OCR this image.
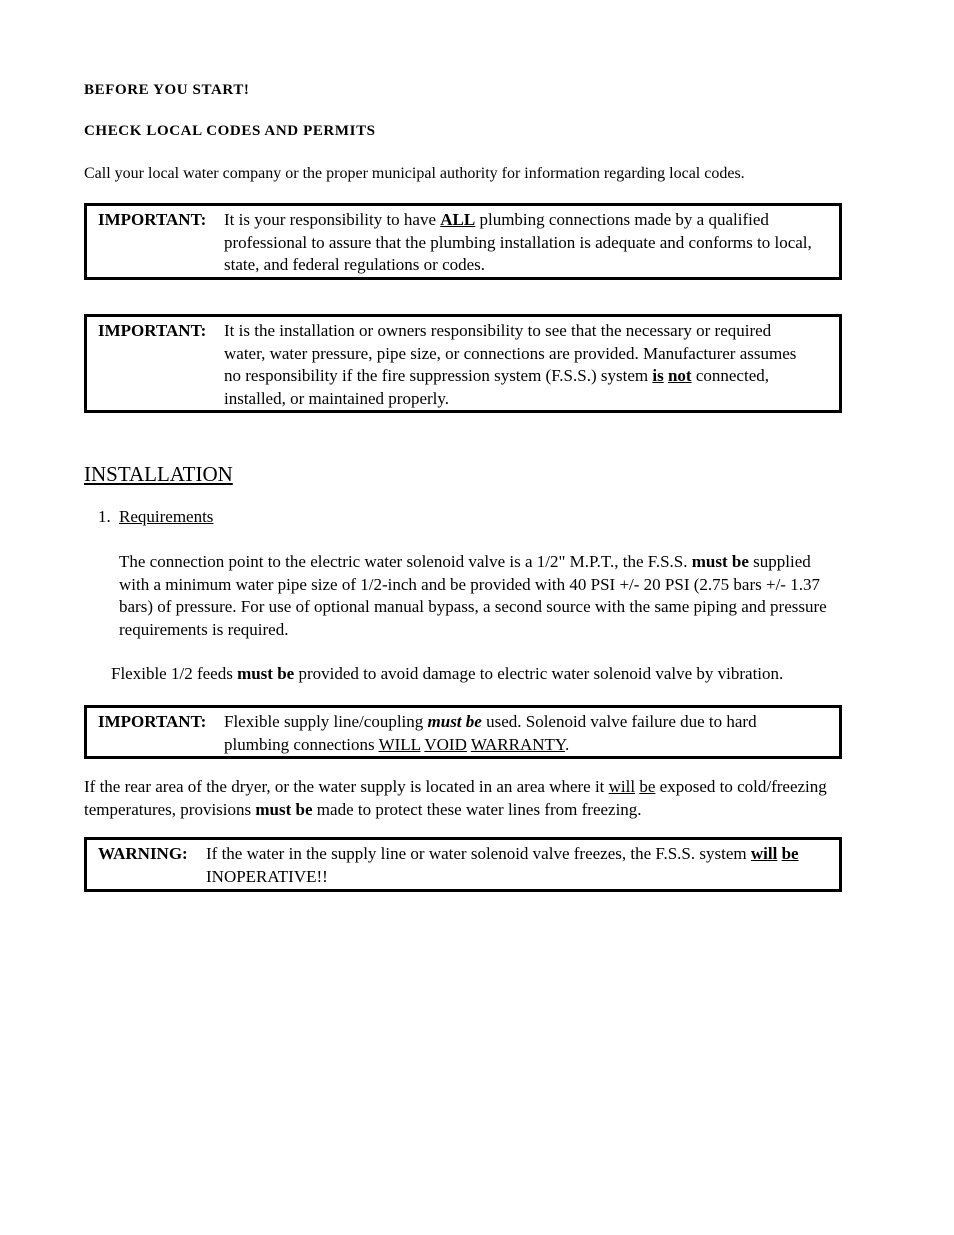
BEFORE YOU START!
CHECK LOCAL CODES AND PERMITS
Call your local water company or the proper municipal authority for information regarding local codes.
IMPORTANT: It is your responsibility to have ALL plumbing connections made by a qualified
professional to assure that the plumbing installation is adequate and conforms to local,
state, and federal regulations or codes.
IMPORTANT: It is the installation or owners responsibility to see that the necessary or required
water, water pressure, pipe size, or connections are provided. Manufacturer assumes
no responsibility if the fire suppression system (F.S.S.) system is not connected,
installed, or maintained properly.
INSTALLATION
1. Requirements
The connection point to the electric water solenoid valve is a 1/2" M.P.T., the F.S.S. must be supplied
with a minimum water pipe size of 1/2-inch and be provided with 40 PSI +/- 20 PSI (2.75 bars +/- 1.37
bars) of pressure. For use of optional manual bypass, a second source with the same piping and pressure
requirements is required.
Flexible 1/2 feeds must be provided to avoid damage to electric water solenoid valve by vibration.
IMPORTANT: Flexible supply line/coupling must be used. Solenoid valve failure due to hard
plumbing connections WILL VOID WARRANTY.
If the rear area of the dryer, or the water supply is located in an area where it will be exposed to cold/freezing
temperatures, provisions must be made to protect these water lines from freezing.
WARNING: If the water in the supply line or water solenoid valve freezes, the F.S.S. system will be
INOPERATIVE!!
